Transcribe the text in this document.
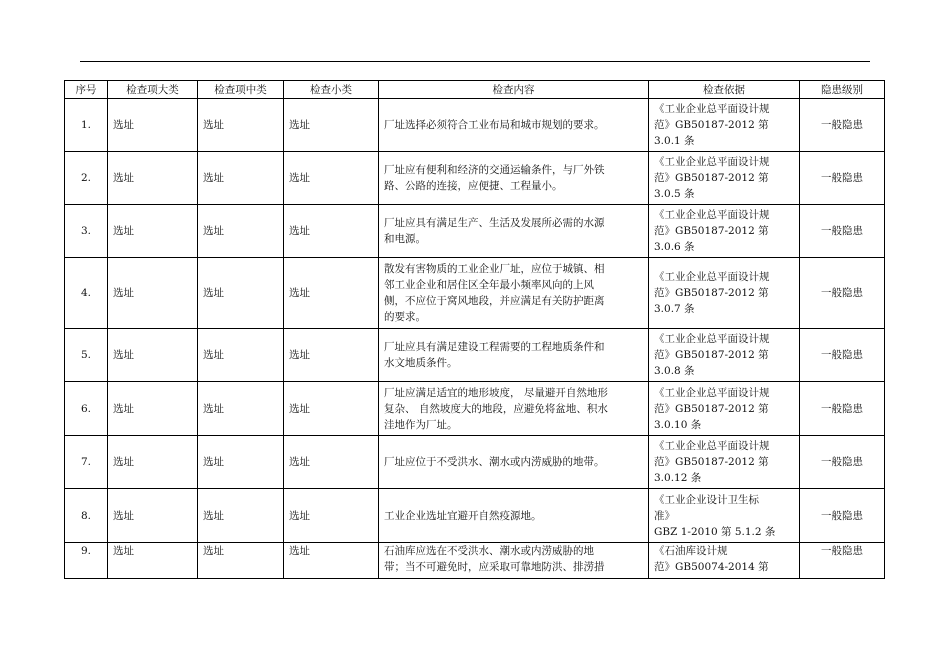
序号	检查项大类	检查项中类	检查小类	检查内容	检查依据	隐患级别
1.	选址	选址	选址	厂址选择必须符合工业布局和城市规划的要求。	《工业企业总平面设计规
范》GB50187-2012 第
3.0.1 条	一般隐患
2.	选址	选址	选址	厂址应有便利和经济的交通运输条件，与厂外铁
路、公路的连接，应便捷、工程量小。	《工业企业总平面设计规
范》GB50187-2012 第
3.0.5 条	一般隐患
3.	选址	选址	选址	厂址应具有满足生产、生活及发展所必需的水源
和电源。	《工业企业总平面设计规
范》GB50187-2012 第
3.0.6 条	一般隐患
4.	选址	选址	选址	散发有害物质的工业企业厂址，应位于城镇、相
邻工业企业和居住区全年最小频率风向的上风
侧，不应位于窝风地段，并应满足有关防护距离
的要求。	《工业企业总平面设计规
范》GB50187-2012 第
3.0.7 条	一般隐患
5.	选址	选址	选址	厂址应具有满足建设工程需要的工程地质条件和
水文地质条件。	《工业企业总平面设计规
范》GB50187-2012 第
3.0.8 条	一般隐患
6.	选址	选址	选址	厂址应满足适宜的地形坡度， 尽量避开自然地形
复杂、 自然坡度大的地段，应避免将盆地、积水
洼地作为厂址。	《工业企业总平面设计规
范》GB50187-2012 第
3.0.10 条	一般隐患
7.	选址	选址	选址	厂址应位于不受洪水、潮水或内涝威胁的地带。	《工业企业总平面设计规
范》GB50187-2012 第
3.0.12 条	一般隐患
8.	选址	选址	选址	工业企业选址宜避开自然疫源地。	《工业企业设计卫生标
准》
GBZ 1-2010 第 5.1.2 条	一般隐患
9.	选址	选址	选址	石油库应选在不受洪水、潮水或内涝威胁的地
带；当不可避免时，应采取可靠地防洪、排涝措	《石油库设计规
范》GB50074-2014 第	一般隐患
